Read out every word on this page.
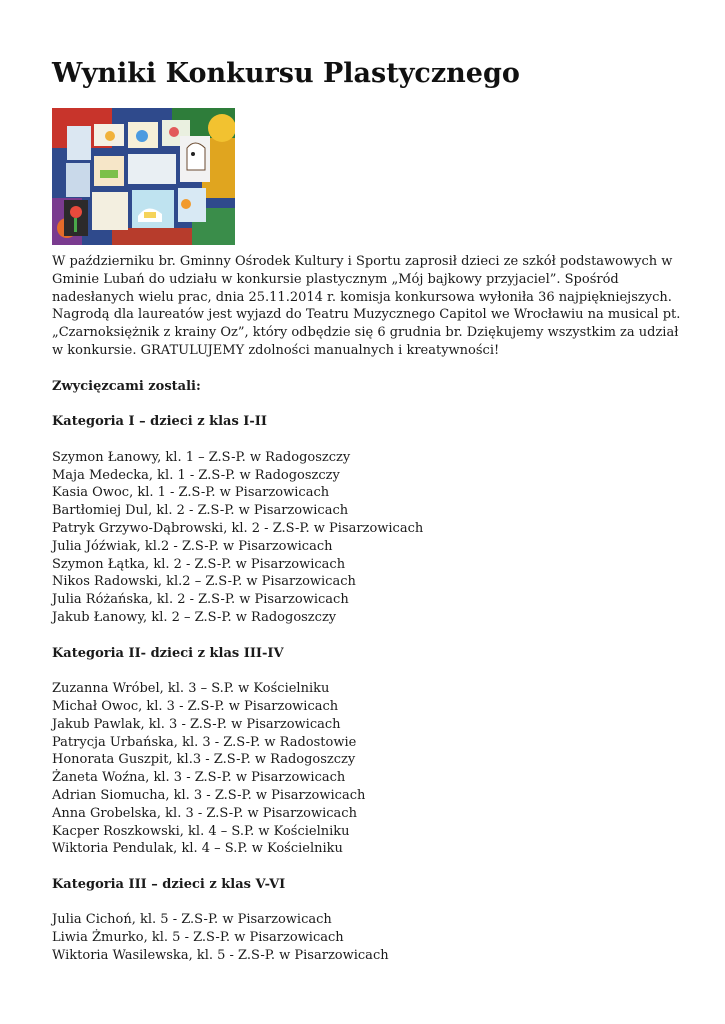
Wyniki Konkursu Plastycznego

W październiku br. Gminny Ośrodek Kultury i Sportu zaprosił dzieci ze szkół podstawowych w Gminie Lubań do udziału w konkursie plastycznym „Mój bajkowy przyjaciel”. Spośród nadesłanych wielu prac, dnia 25.11.2014 r. komisja konkursowa wyłoniła 36 najpiękniejszych. Nagrodą dla laureatów jest wyjazd do Teatru Muzycznego Capitol we Wrocławiu na musical pt. „Czarnoksiężnik z krainy Oz”, który odbędzie się 6 grudnia br. Dziękujemy wszystkim za udział w konkursie. GRATULUJEMY zdolności manualnych i kreatywności!

Zwycięzcami zostali:

Kategoria I – dzieci z klas I-II

Szymon Łanowy, kl. 1 – Z.S-P. w Radogoszczy
Maja Medecka, kl. 1 - Z.S-P. w Radogoszczy
Kasia Owoc, kl. 1 - Z.S-P. w Pisarzowicach
Bartłomiej Dul, kl. 2 - Z.S-P. w Pisarzowicach
Patryk Grzywo-Dąbrowski, kl. 2 - Z.S-P. w Pisarzowicach
Julia Jóźwiak, kl.2 - Z.S-P. w Pisarzowicach
Szymon Łątka, kl. 2 - Z.S-P. w Pisarzowicach
Nikos Radowski, kl.2 – Z.S-P. w Pisarzowicach
Julia Różańska, kl. 2 - Z.S-P. w Pisarzowicach
Jakub Łanowy, kl. 2 – Z.S-P. w Radogoszczy

Kategoria II- dzieci z klas III-IV

Zuzanna Wróbel, kl. 3 – S.P. w Kościelniku
Michał Owoc, kl. 3 - Z.S-P. w Pisarzowicach
Jakub Pawlak, kl. 3 - Z.S-P. w Pisarzowicach
Patrycja Urbańska, kl. 3 - Z.S-P. w Radostowie
Honorata Guszpit, kl.3 - Z.S-P. w Radogoszczy
Żaneta Woźna, kl. 3 - Z.S-P. w Pisarzowicach
Adrian Siomucha, kl. 3 - Z.S-P. w Pisarzowicach
Anna Grobelska, kl. 3 - Z.S-P. w Pisarzowicach
Kacper Roszkowski, kl. 4 – S.P. w Kościelniku
Wiktoria Pendulak, kl. 4 – S.P. w Kościelniku

Kategoria III – dzieci z klas V-VI

Julia Cichoń, kl. 5 - Z.S-P. w Pisarzowicach
Liwia Żmurko, kl. 5 - Z.S-P. w Pisarzowicach
Wiktoria Wasilewska, kl. 5 - Z.S-P. w Pisarzowicach
